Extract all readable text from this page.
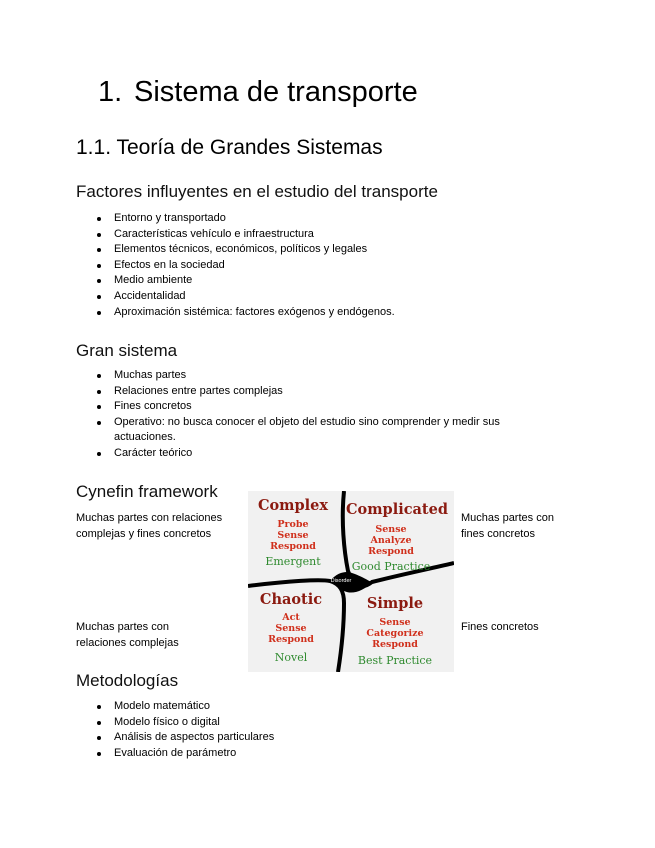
1. Sistema de transporte
1.1. Teoría de Grandes Sistemas
Factores influyentes en el estudio del transporte
Entorno y transportado
Características vehículo e infraestructura
Elementos técnicos, económicos, políticos y legales
Efectos en la sociedad
Medio ambiente
Accidentalidad
Aproximación sistémica: factores exógenos y endógenos.
Gran sistema
Muchas partes
Relaciones entre partes complejas
Fines concretos
Operativo: no busca conocer el objeto del estudio sino comprender y medir sus actuaciones.
Carácter teórico
Cynefin framework
Muchas partes con relaciones
complejas y fines concretos
Muchas partes con
fines concretos
Muchas partes con
relaciones complejas
Fines concretos
Disorder
Complex
Probe
Sense
Respond
Emergent
Complicated
Sense
Analyze
Respond
Good Practice
Chaotic
Act
Sense
Respond
Novel
Simple
Sense
Categorize
Respond
Best Practice
Metodologías
Modelo matemático
Modelo físico o digital
Análisis de aspectos particulares
Evaluación de parámetro
